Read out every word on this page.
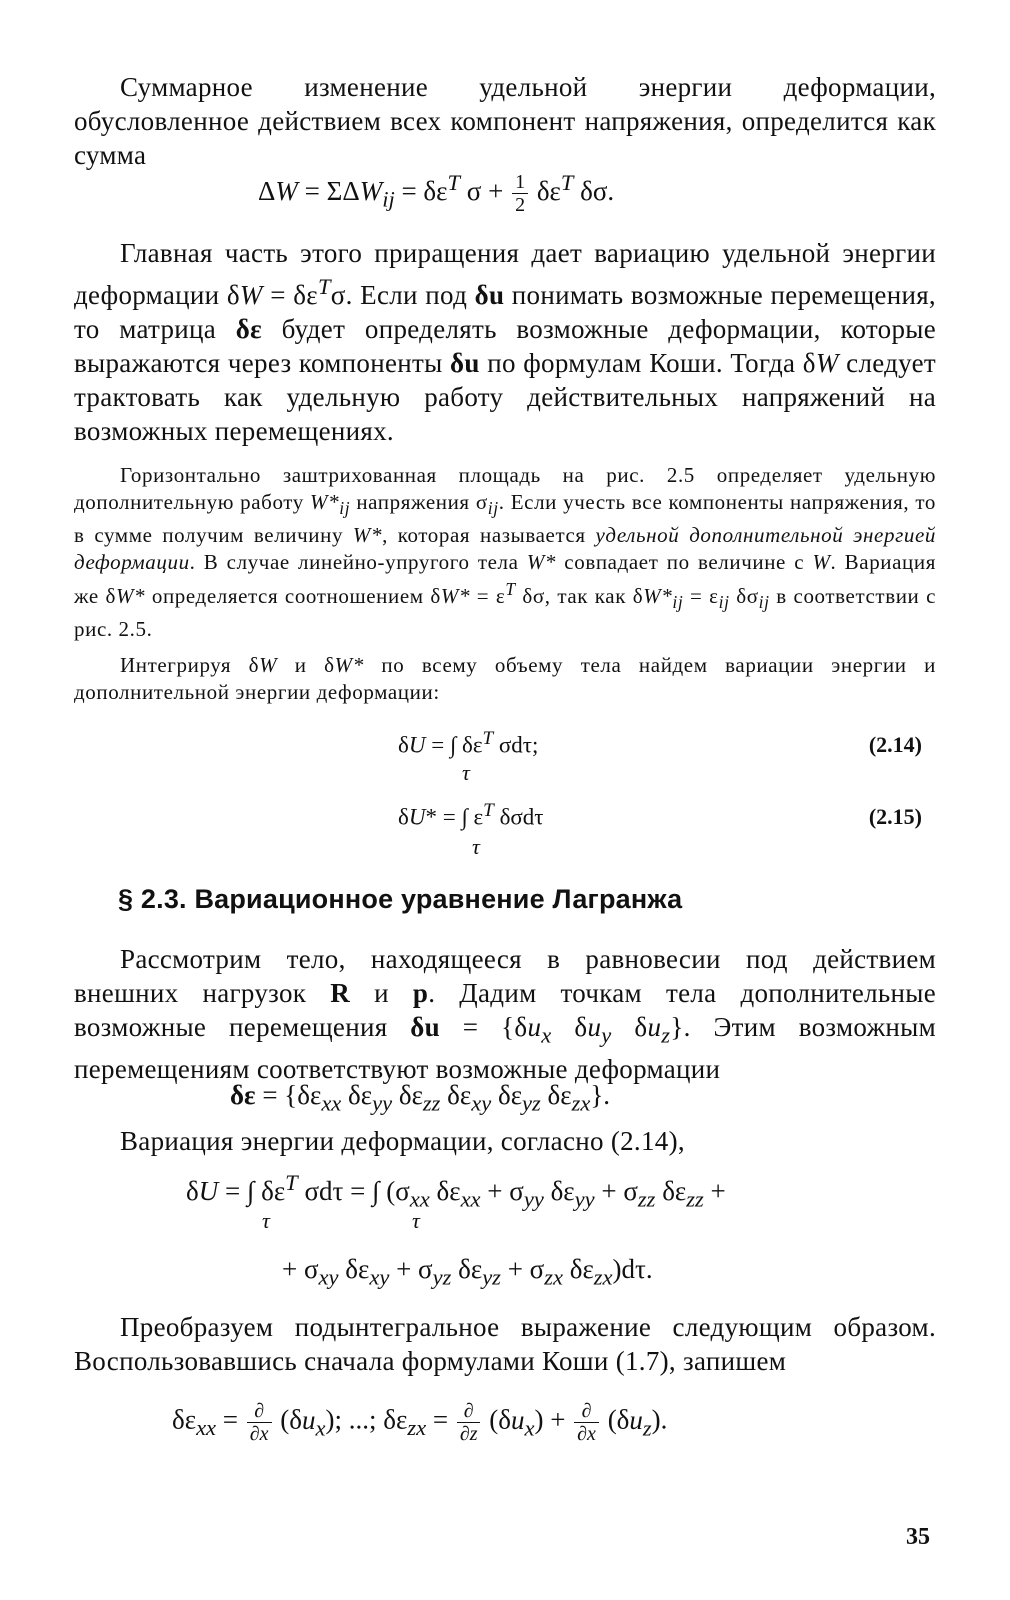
Суммарное изменение удельной энергии деформации, обусловленное действием всех компонент напряжения, определится как сумма
$\Delta W = \Sigma\Delta W_{ij} = \delta\varepsilon^T$ $\sigma + \frac{1}{2} \delta\varepsilon^T$ δσ.
Главная часть этого приращения дает вариацию удельной энергии деформации $\delta W = \delta\varepsilon^T\sigma$. Если под δu понимать возможные перемещения, то матрица δε будет определять возможные деформации, которые выражаются через компоненты δu по формулам Коши. Тогда δW следует трактовать как удельную работу действительных напряжений на возможных перемещениях.
Горизонтально заштрихованная площадь на рис. 2.5 определяет удельную дополнительную работу $W*_{ij}$ напряжения $\sigma_{ij}$. Если учесть все компоненты напряжения, то в сумме получим величину W*, которая называется удельной дополнительной энергией деформации. В случае линейно-упругого тела W* совпадает по величине с W. Вариация же δW* определяется соотношением $\delta W* = \varepsilon^T$ δσ, так как $\delta W*_{ij} = \varepsilon_{ij}$ $\delta\sigma_{ij}$ в соответствии с рис. 2.5.
Интегрируя δW и δW* по всему объему тела найдем вариации энергии и дополнительной энергии деформации:
δU = ∫ $\delta\varepsilon^T$ σdτ;
τ
(2.14)
δU* = ∫ $\varepsilon^T$ δσdτ
τ
(2.15)
§ 2.3. Вариационное уравнение Лагранжа
Рассмотрим тело, находящееся в равновесии под действием внешних нагрузок R и p. Дадим точкам тела дополнительные возможные перемещения $\delta u = \{\delta u_x$ $\delta u_y$ $\delta u_z$}. Этим возможным перемещениям соответствуют возможные деформации
$\delta\varepsilon = \{\delta\varepsilon_{xx}$ $\delta\varepsilon_{yy}$ $\delta\varepsilon_{zz}$ $\delta\varepsilon_{xy}$ $\delta\varepsilon_{yz}$ $\delta\varepsilon_{zx}$}.
Вариация энергии деформации, согласно (2.14),
δU = ∫ $\delta\varepsilon^T$ σdτ = ∫ ($\sigma_{xx}$ $\delta\varepsilon_{xx} + \sigma_{yy}$ $\delta\varepsilon_{yy} + \sigma_{zz}$ $\delta\varepsilon_{zz}$ +
τ	τ
+ $\sigma_{xy}$ $\delta\varepsilon_{xy} + \sigma_{yz}$ $\delta\varepsilon_{yz} + \sigma_{zx}$ $\delta\varepsilon_{zx})d\tau$.
Преобразуем подынтегральное выражение следующим образом. Воспользовавшись сначала формулами Коши (1.7), запишем
$\delta\varepsilon_{xx} = \frac{\partial}{\partial x} (\delta u_x)$; ...; $\delta\varepsilon_{zx} = \frac{\partial}{\partial z} (\delta u_x) + \frac{\partial}{\partial x} (\delta u_z)$.
35
